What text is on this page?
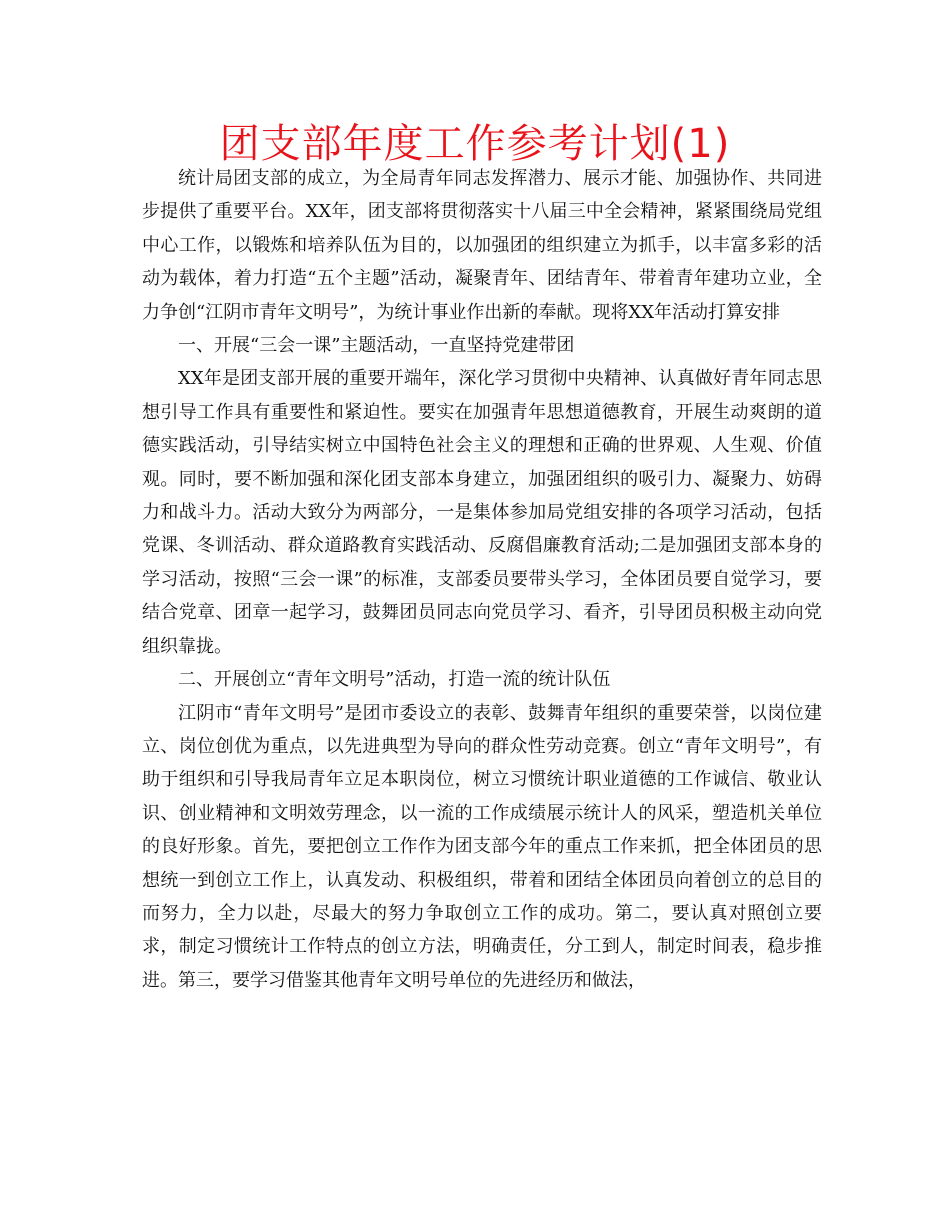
团支部年度工作参考计划(1)

统计局团支部的成立，为全局青年同志发挥潜力、展示才能、加强协作、共同进步提供了重要平台。XX年，团支部将贯彻落实十八届三中全会精神，紧紧围绕局党组中心工作，以锻炼和培养队伍为目的，以加强团的组织建立为抓手，以丰富多彩的活动为载体，着力打造“五个主题”活动，凝聚青年、团结青年、带着青年建功立业，全力争创“江阴市青年文明号”，为统计事业作出新的奉献。现将XX年活动打算安排

一、开展“三会一课”主题活动，一直坚持党建带团

XX年是团支部开展的重要开端年，深化学习贯彻中央精神、认真做好青年同志思想引导工作具有重要性和紧迫性。要实在加强青年思想道德教育，开展生动爽朗的道德实践活动，引导结实树立中国特色社会主义的理想和正确的世界观、人生观、价值观。同时，要不断加强和深化团支部本身建立，加强团组织的吸引力、凝聚力、妨碍力和战斗力。活动大致分为两部分，一是集体参加局党组安排的各项学习活动，包括党课、冬训活动、群众道路教育实践活动、反腐倡廉教育活动;二是加强团支部本身的学习活动，按照“三会一课”的标准，支部委员要带头学习，全体团员要自觉学习，要结合党章、团章一起学习，鼓舞团员同志向党员学习、看齐，引导团员积极主动向党组织靠拢。

二、开展创立“青年文明号”活动，打造一流的统计队伍

江阴市“青年文明号”是团市委设立的表彰、鼓舞青年组织的重要荣誉，以岗位建立、岗位创优为重点，以先进典型为导向的群众性劳动竞赛。创立“青年文明号”，有助于组织和引导我局青年立足本职岗位，树立习惯统计职业道德的工作诚信、敬业认识、创业精神和文明效劳理念，以一流的工作成绩展示统计人的风采，塑造机关单位的良好形象。首先，要把创立工作作为团支部今年的重点工作来抓，把全体团员的思想统一到创立工作上，认真发动、积极组织，带着和团结全体团员向着创立的总目的而努力，全力以赴，尽最大的努力争取创立工作的成功。第二，要认真对照创立要求，制定习惯统计工作特点的创立方法，明确责任，分工到人，制定时间表，稳步推进。第三，要学习借鉴其他青年文明号单位的先进经历和做法，
